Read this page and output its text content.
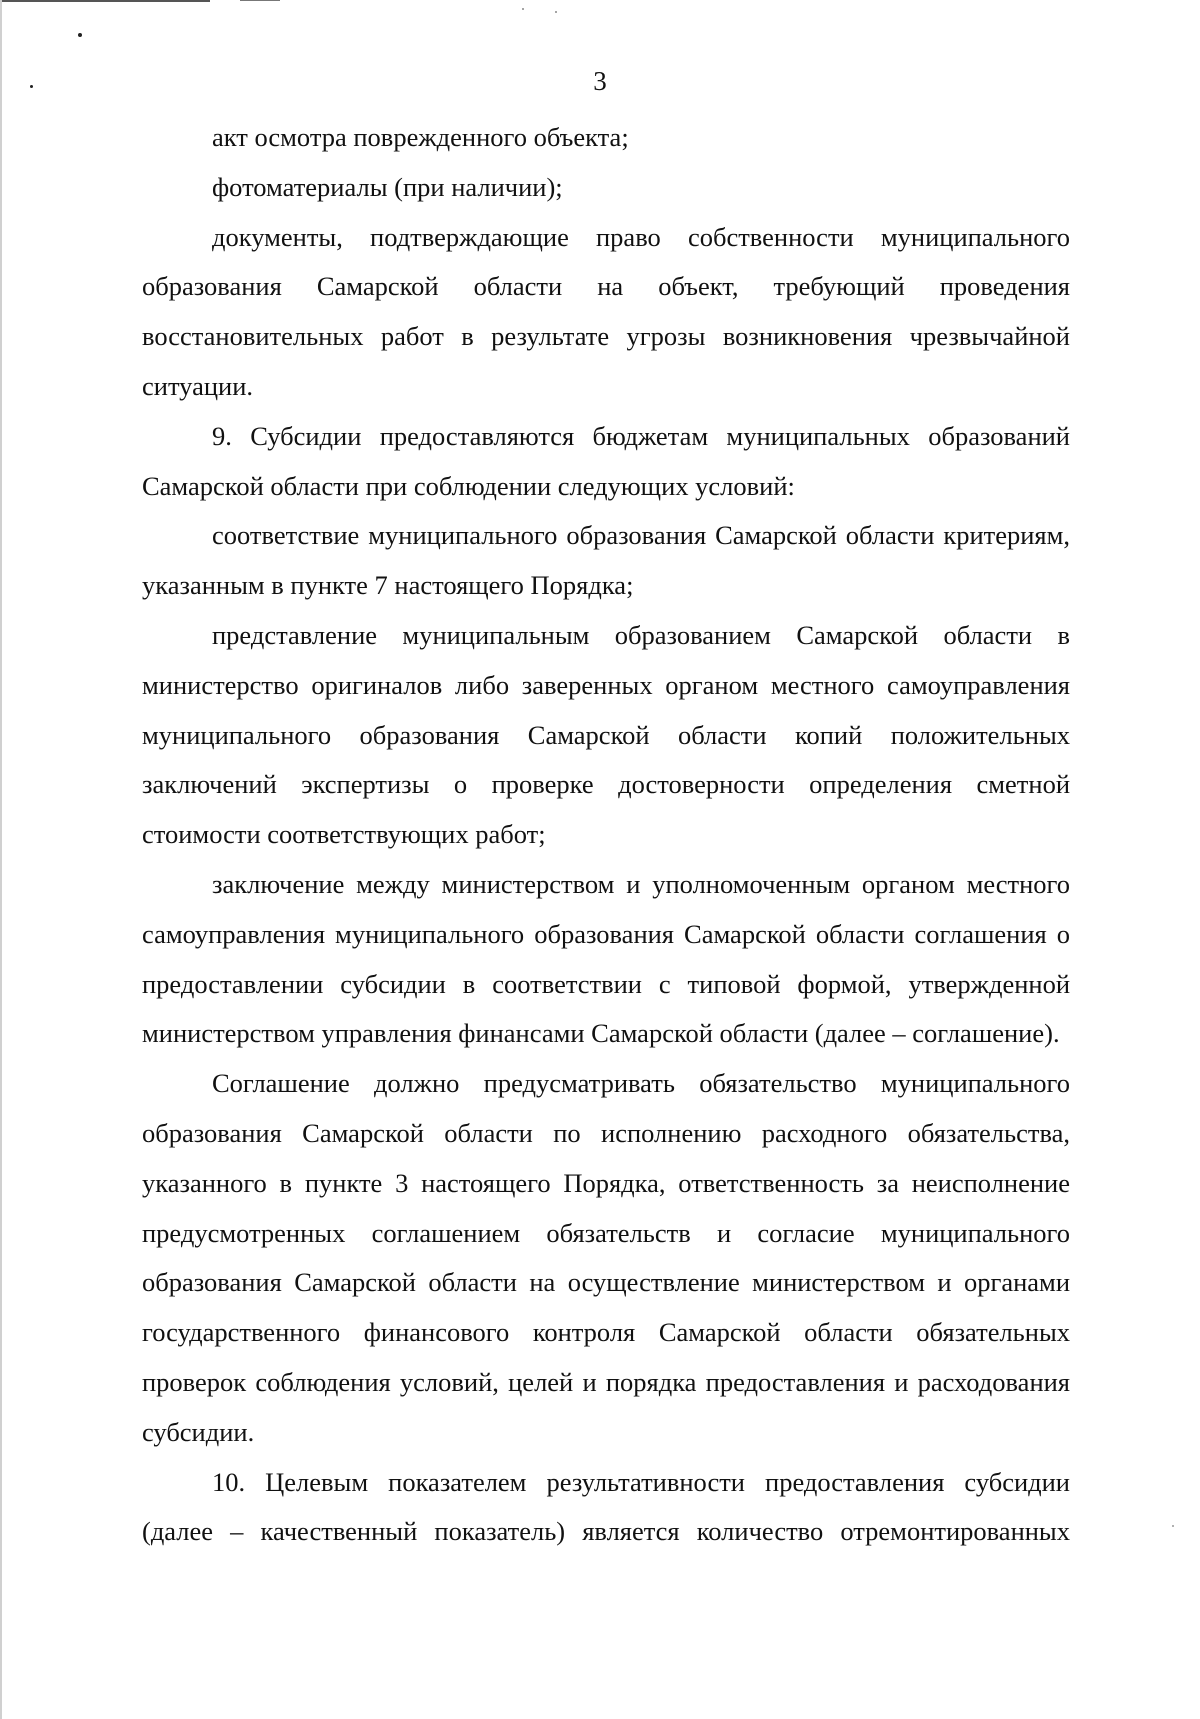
3

акт осмотра поврежденного объекта;

фотоматериалы (при наличии);

документы, подтверждающие право собственности муниципального образования Самарской области на объект, требующий проведения восстановительных работ в результате угрозы возникновения чрезвычайной ситуации.

9. Субсидии предоставляются бюджетам муниципальных образований Самарской области при соблюдении следующих условий:

соответствие муниципального образования Самарской области критериям, указанным в пункте 7 настоящего Порядка;

представление муниципальным образованием Самарской области в министерство оригиналов либо заверенных органом местного самоуправления муниципального образования Самарской области копий положительных заключений экспертизы о проверке достоверности определения сметной стоимости соответствующих работ;

заключение между министерством и уполномоченным органом местного самоуправления муниципального образования Самарской области соглашения о предоставлении субсидии в соответствии с типовой формой, утвержденной министерством управления финансами Самарской области (далее – соглашение).

Соглашение должно предусматривать обязательство муниципального образования Самарской области по исполнению расходного обязательства, указанного в пункте 3 настоящего Порядка, ответственность за неисполнение предусмотренных соглашением обязательств и согласие муниципального образования Самарской области на осуществление министерством и органами государственного финансового контроля Самарской области обязательных проверок соблюдения условий, целей и порядка предоставления и расходования субсидии.

10. Целевым показателем результативности предоставления субсидии (далее – качественный показатель) является количество отремонтированных
